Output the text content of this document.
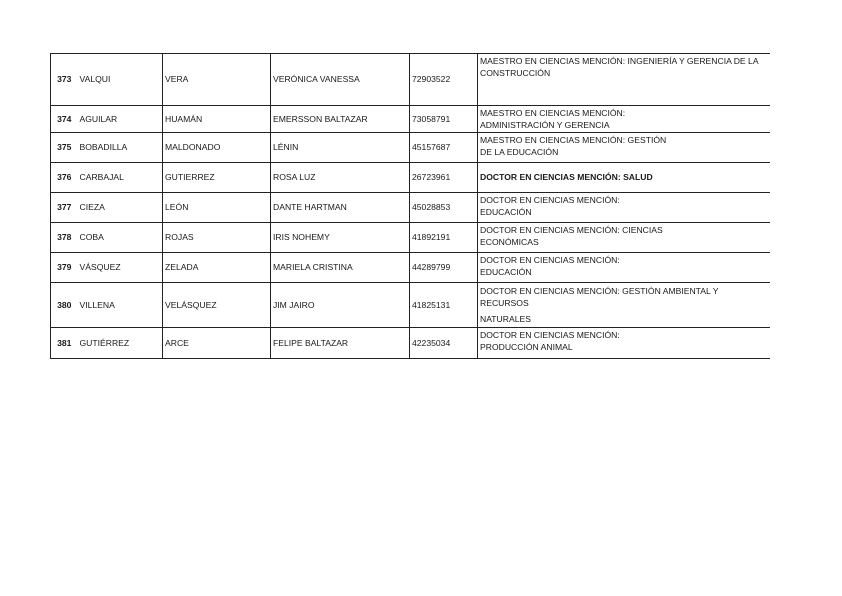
373	VALQUI	VERA	VERÓNICA VANESSA	72903522	MAESTRO EN CIENCIAS MENCIÓN: INGENIERÍA Y GERENCIA DE LA
CONSTRUCCIÓN

374	AGUILAR	HUAMÁN	EMERSSON BALTAZAR	73058791	MAESTRO EN CIENCIAS MENCIÓN:
ADMINISTRACIÓN Y GERENCIA

375	BOBADILLA	MALDONADO	LÉNIN	45157687	MAESTRO EN CIENCIAS MENCIÓN: GESTIÓN
DE LA EDUCACIÓN

376	CARBAJAL	GUTIERREZ	ROSA LUZ	26723961	DOCTOR EN CIENCIAS MENCIÓN: SALUD

377	CIEZA	LEÓN	DANTE HARTMAN	45028853	DOCTOR EN CIENCIAS MENCIÓN:
EDUCACIÓN

378	COBA	ROJAS	IRIS NOHEMY	41892191	DOCTOR EN CIENCIAS MENCIÓN: CIENCIAS
ECONÓMICAS

379	VÁSQUEZ	ZELADA	MARIELA CRISTINA	44289799	DOCTOR EN CIENCIAS MENCIÓN:
EDUCACIÓN

380	VILLENA	VELÁSQUEZ	JIM JAIRO	41825131	DOCTOR EN CIENCIAS MENCIÓN: GESTIÓN AMBIENTAL Y RECURSOS
NATURALES

381	GUTIÉRREZ	ARCE	FELIPE BALTAZAR	42235034	DOCTOR EN CIENCIAS MENCIÓN:
PRODUCCIÓN ANIMAL
